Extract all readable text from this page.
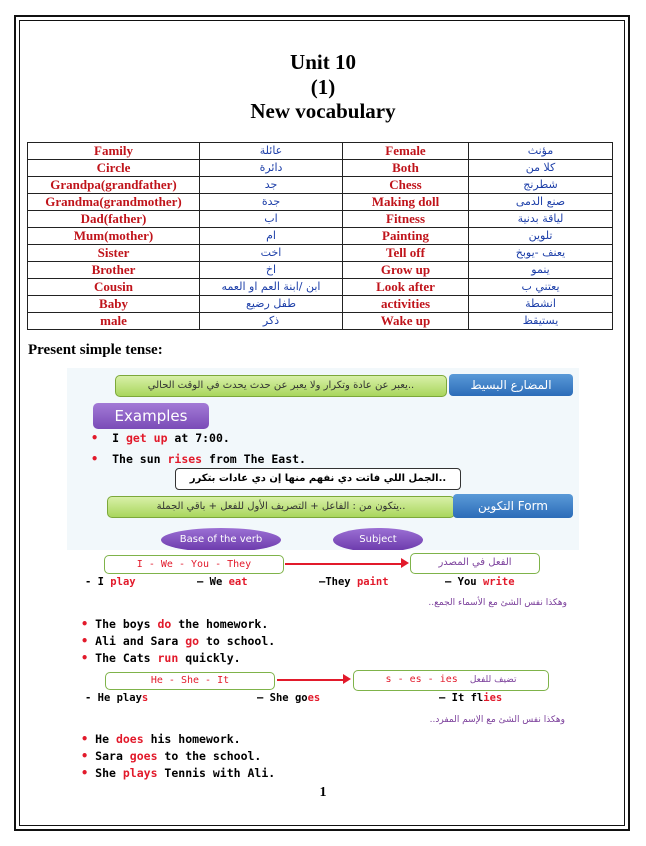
Unit 10
(1)
New vocabulary
Family	عائلة	Female	مؤنث
Circle	دائرة	Both	كلا من
Grandpa(grandfather)	جد	Chess	شطرنج
Grandma(grandmother)	جدة	Making doll	صنع الدمى
Dad(father)	اب	Fitness	لياقة بدنية
Mum(mother)	ام	Painting	تلوين
Sister	اخت	Tell off	يعنف -يوبخ
Brother	اخ	Grow up	ينمو
Cousin	ابن /ابنة العم او العمه	Look after	يعتني ب
Baby	طفل رضيع	activities	انشطة
male	ذكر	Wake up	يستيقظ
Present simple tense:
يعبر عن عادة وتكرار ولا يعبر عن حدث يحدث في الوقت الحالي..	المضارع البسيط
Examples
• I get up at 7:00.
• The sun rises from The East.
الجمل اللي فاتت دي نفهم منها إن دي عادات بتكرر..
يتكون من : الفاعل + التصريف الأول للفعل + باقي الجملة..	التكوين Form
Base of the verb	Subject
I - We - You - They	الفعل في المصدر
- I play	— We eat	—They paint	— You write
وهكذا نفس الشئ مع الأسماء الجمع..
• The boys do the homework.
• Ali and Sara go to school.
• The Cats run quickly.
He - She - It	s - es - ies تضيف للفعل
- He plays	— She goes	— It flies
وهكذا نفس الشئ مع الإسم المفرد..
• He does his homework.
• Sara goes to the school.
• She plays Tennis with Ali.
1
